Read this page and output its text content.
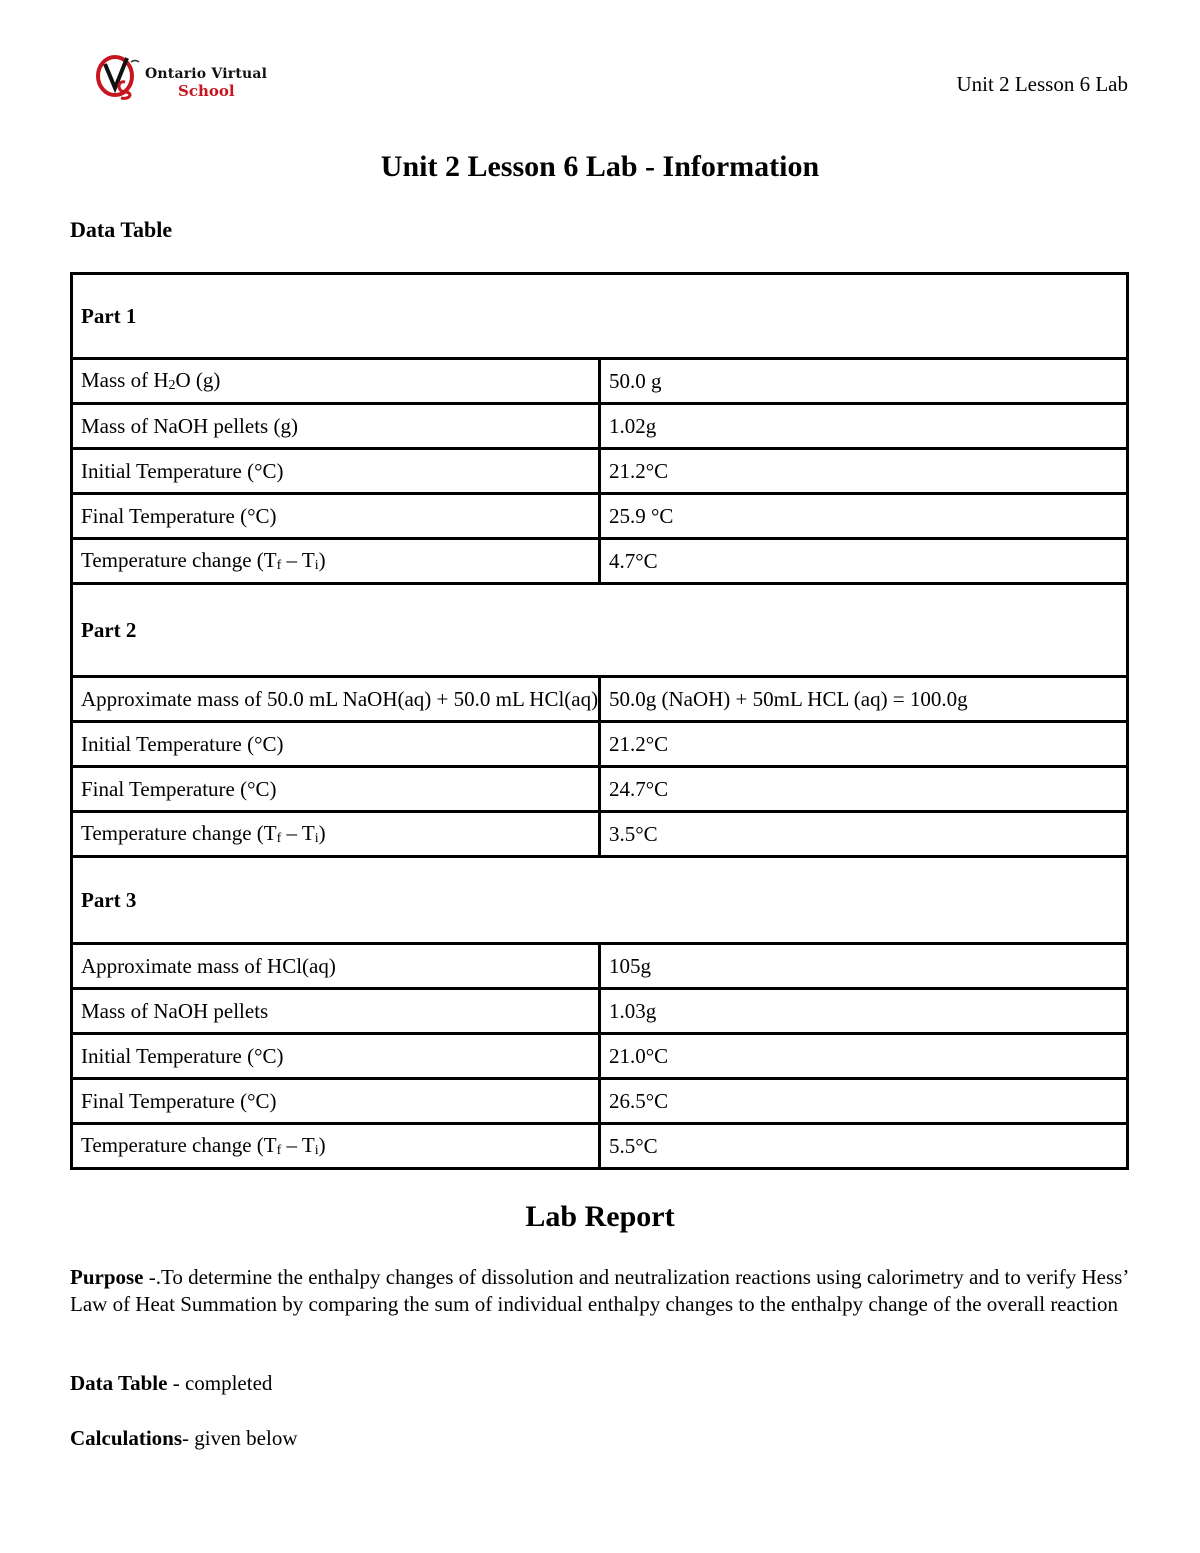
Ontario Virtual
School	Unit 2 Lesson 6 Lab
Unit 2 Lesson 6 Lab - Information
Data Table
Part 1	
Mass of $H_2O$ (g)	50.0 g
Mass of NaOH pellets (g)	1.02g
Initial Temperature (°C)	21.2°C
Final Temperature (°C)	25.9 °C
Temperature change $(T_f - T_i)$	4.7°C
Part 2	
Approximate mass of 50.0 mL NaOH(aq) + 50.0 mL HCl(aq)	50.0g (NaOH) + 50mL HCL (aq) = 100.0g
Initial Temperature (°C)	21.2°C
Final Temperature (°C)	24.7°C
Temperature change $(T_f - T_i)$	3.5°C
Part 3	
Approximate mass of HCl(aq)	105g
Mass of NaOH pellets	1.03g
Initial Temperature (°C)	21.0°C
Final Temperature (°C)	26.5°C
Temperature change $(T_f - T_i)$	5.5°C
Lab Report
Purpose -.To determine the enthalpy changes of dissolution and neutralization reactions using calorimetry and to verify Hess’ Law of Heat Summation by comparing the sum of individual enthalpy changes to the enthalpy change of the overall reaction
Data Table - completed
Calculations- given below
